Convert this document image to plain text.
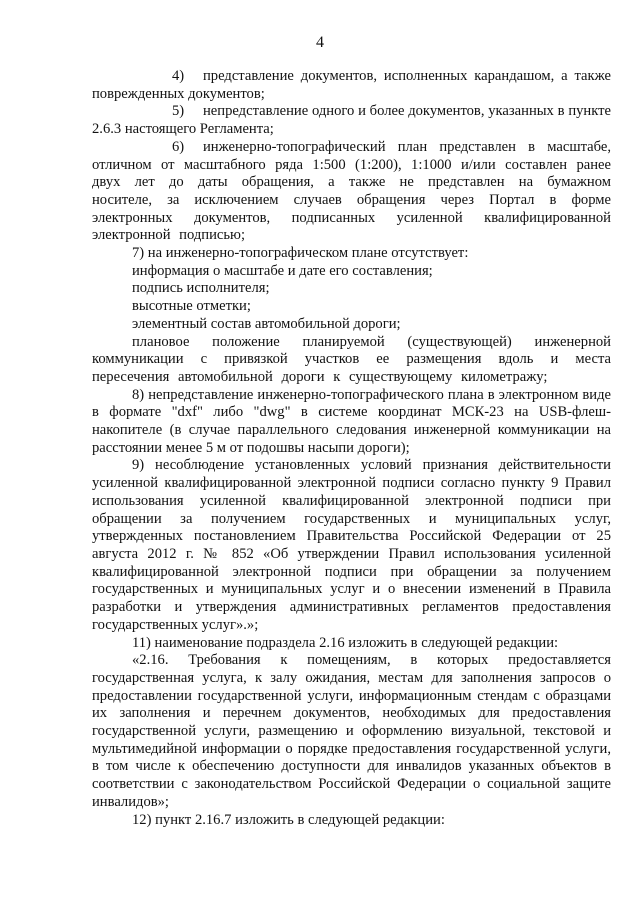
4

4) представление документов, исполненных карандашом, а также поврежденных документов;

5) непредставление одного и более документов, указанных в пункте 2.6.3 настоящего Регламента;

6) инженерно-топографический план представлен в масштабе, отличном от масштабного ряда 1:500 (1:200), 1:1000 и/или составлен ранее двух лет до даты обращения, а также не представлен на бумажном носителе, за исключением случаев обращения через Портал в форме электронных документов, подписанных усиленной квалифицированной электронной подписью;

7) на инженерно-топографическом плане отсутствует:

информация о масштабе и дате его составления;

подпись исполнителя;

высотные отметки;

элементный состав автомобильной дороги;

плановое положение планируемой (существующей) инженерной коммуникации с привязкой участков ее размещения вдоль и места пересечения автомобильной дороги к существующему километражу;

8) непредставление инженерно-топографического плана в электронном виде в формате "dxf" либо "dwg" в системе координат МСК-23 на USB-флеш-накопителе (в случае параллельного следования инженерной коммуникации на расстоянии менее 5 м от подошвы насыпи дороги);

9) несоблюдение установленных условий признания действительности усиленной квалифицированной электронной подписи согласно пункту 9 Правил использования усиленной квалифицированной электронной подписи при обращении за получением государственных и муниципальных услуг, утвержденных постановлением Правительства Российской Федерации от 25 августа 2012 г. № 852 «Об утверждении Правил использования усиленной квалифицированной электронной подписи при обращении за получением государственных и муниципальных услуг и о внесении изменений в Правила разработки и утверждения административных регламентов предоставления государственных услуг».»;

11) наименование подраздела 2.16 изложить в следующей редакции:

«2.16. Требования к помещениям, в которых предоставляется государственная услуга, к залу ожидания, местам для заполнения запросов о предоставлении государственной услуги, информационным стендам с образцами их заполнения и перечнем документов, необходимых для предоставления государственной услуги, размещению и оформлению визуальной, текстовой и мультимедийной информации о порядке предоставления государственной услуги, в том числе к обеспечению доступности для инвалидов указанных объектов в соответствии с законодательством Российской Федерации о социальной защите инвалидов»;

12) пункт 2.16.7 изложить в следующей редакции:
